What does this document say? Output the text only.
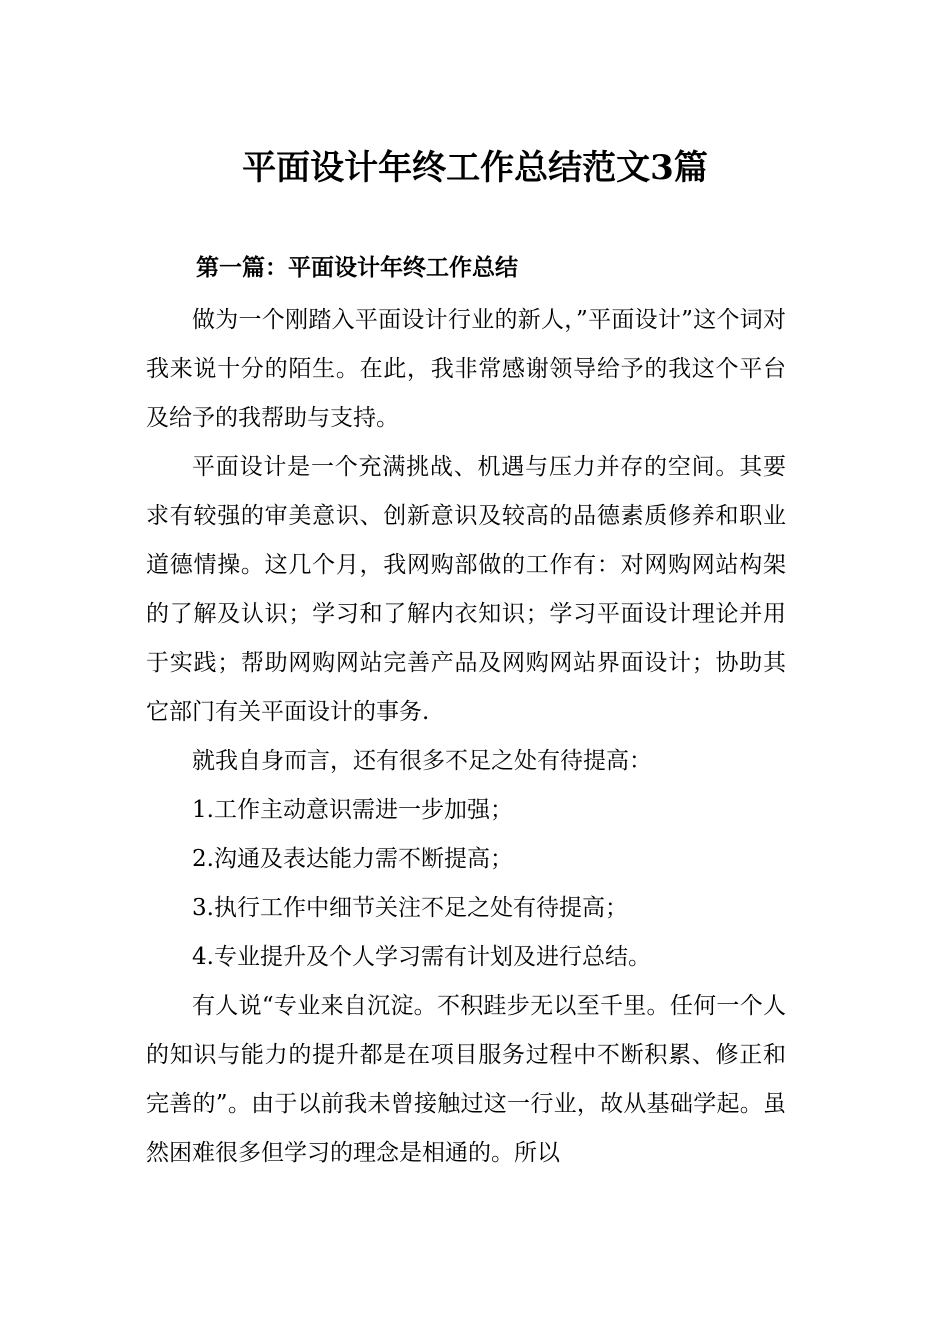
平面设计年终工作总结范文3篇
第一篇：平面设计年终工作总结

做为一个刚踏入平面设计行业的新人，”平面设计”这个词对我来说十分的陌生。在此，我非常感谢领导给予的我这个平台及给予的我帮助与支持。

平面设计是一个充满挑战、机遇与压力并存的空间。其要求有较强的审美意识、创新意识及较高的品德素质修养和职业道德情操。这几个月，我网购部做的工作有：对网购网站构架的了解及认识；学习和了解内衣知识；学习平面设计理论并用于实践；帮助网购网站完善产品及网购网站界面设计；协助其它部门有关平面设计的事务.

就我自身而言，还有很多不足之处有待提高：

1.工作主动意识需进一步加强；

2.沟通及表达能力需不断提高；

3.执行工作中细节关注不足之处有待提高；

4.专业提升及个人学习需有计划及进行总结。

有人说“专业来自沉淀。不积跬步无以至千里。任何一个人的知识与能力的提升都是在项目服务过程中不断积累、修正和完善的”。由于以前我未曾接触过这一行业，故从基础学起。虽然困难很多但学习的理念是相通的。所以
